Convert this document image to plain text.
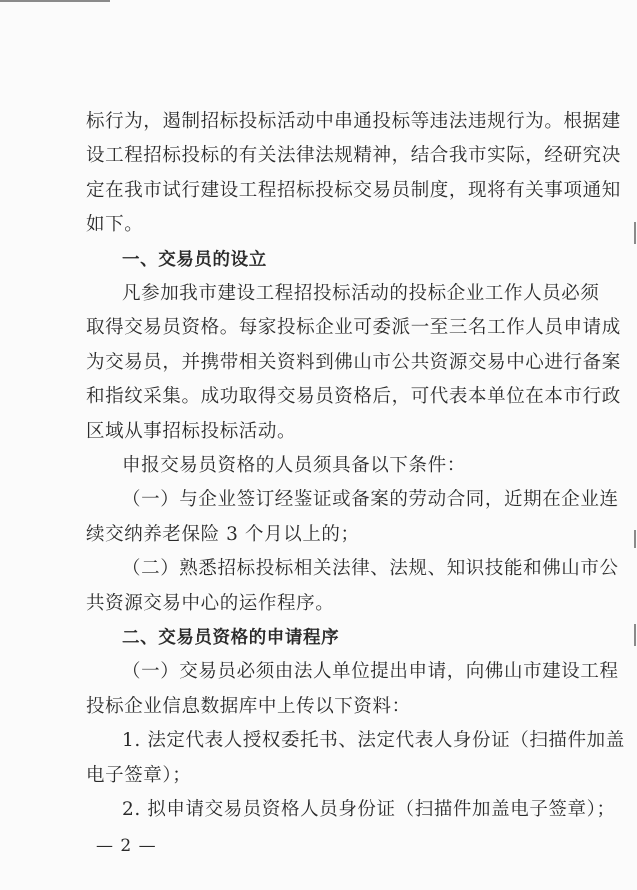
标行为，遏制招标投标活动中串通投标等违法违规行为。根据建
设工程招标投标的有关法律法规精神，结合我市实际，经研究决
定在我市试行建设工程招标投标交易员制度，现将有关事项通知
如下。
一、交易员的设立
凡参加我市建设工程招投标活动的投标企业工作人员必须
取得交易员资格。每家投标企业可委派一至三名工作人员申请成
为交易员，并携带相关资料到佛山市公共资源交易中心进行备案
和指纹采集。成功取得交易员资格后，可代表本单位在本市行政
区域从事招标投标活动。
申报交易员资格的人员须具备以下条件：
（一）与企业签订经鉴证或备案的劳动合同，近期在企业连
续交纳养老保险 3 个月以上的；
（二）熟悉招标投标相关法律、法规、知识技能和佛山市公
共资源交易中心的运作程序。
二、交易员资格的申请程序
（一）交易员必须由法人单位提出申请，向佛山市建设工程
投标企业信息数据库中上传以下资料：
1. 法定代表人授权委托书、法定代表人身份证（扫描件加盖
电子签章）；
2. 拟申请交易员资格人员身份证（扫描件加盖电子签章）；
— 2 —
